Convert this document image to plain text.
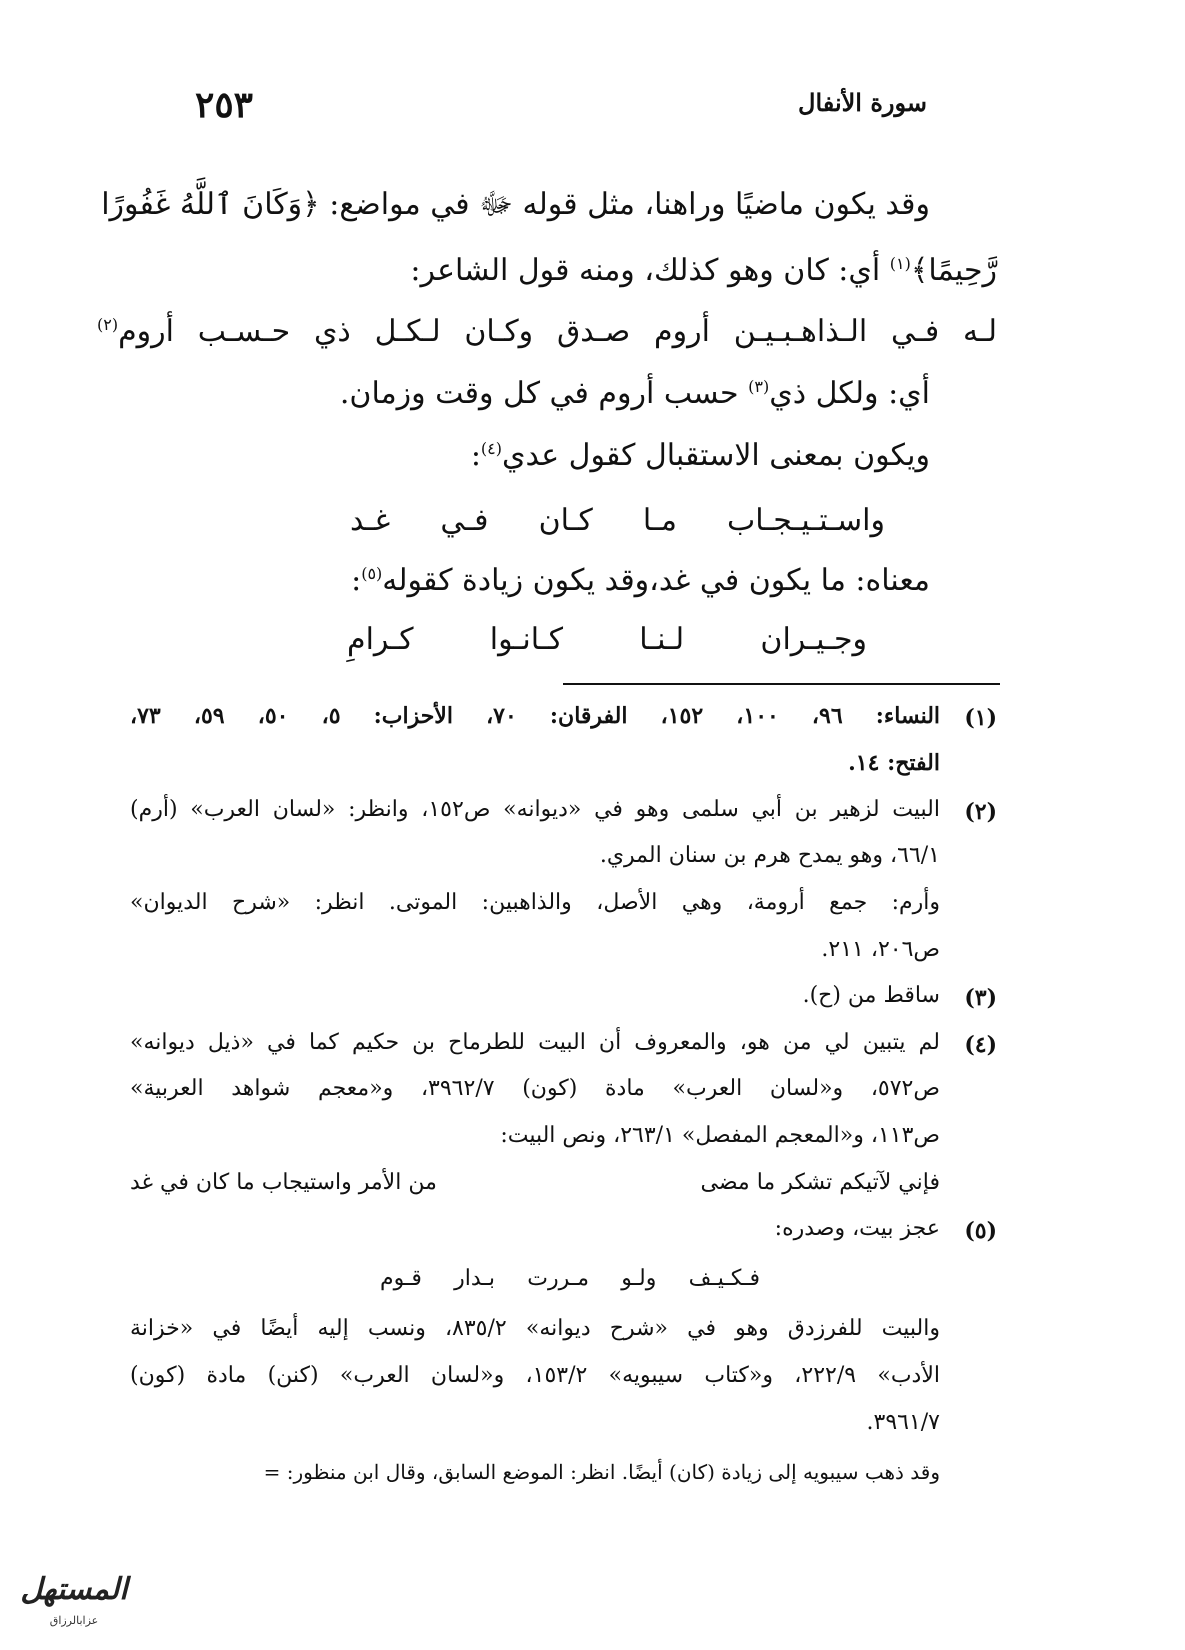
سورة الأنفال
٢٥٣
وقد يكون ماضيًا وراهنا، مثل قوله ﷻ في مواضع: ﴿وَكَانَ ٱللَّهُ غَفُورًا
رَّحِيمًا﴾$^{(١)}$ أي: كان وهو كذلك، ومنه قول الشاعر:
لـه فـي الـذاهـبـيـن أروم صـدق وكـان لـكـل ذي حـسـب أروم$^{(٢)}$
أي: ولكل ذي$^{(٣)}$ حسب أروم في كل وقت وزمان.
ويكون بمعنى الاستقبال كقول عدي$^{(٤)}$:
واسـتـيـجـاب مـا كـان فـي غـد
معناه: ما يكون في غد،وقد يكون زيادة كقوله$^{(٥)}$:
وجـيـران لـنـا كـانـوا كـرامِ
(١)
النساء: ٩٦، ١٠٠، ١٥٢، الفرقان: ٧٠، الأحزاب: ٥، ٥٠، ٥٩، ٧٣،
الفتح: ١٤.
(٢)
البيت لزهير بن أبي سلمى وهو في «ديوانه» ص١٥٢، وانظر: «لسان العرب» (أرم)
٦٦/١، وهو يمدح هرم بن سنان المري.
وأرم: جمع أرومة، وهي الأصل، والذاهبين: الموتى. انظر: «شرح الديوان»
ص٢٠٦، ٢١١.
(٣)
ساقط من (ح).
(٤)
لم يتبين لي من هو، والمعروف أن البيت للطرماح بن حكيم كما في «ذيل ديوانه»
ص٥٧٢، و«لسان العرب» مادة (كون) ٣٩٦٢/٧، و«معجم شواهد العربية»
ص١١٣، و«المعجم المفصل» ٢٦٣/١، ونص البيت:
فإني لآتيكم تشكر ما مضى
من الأمر واستيجاب ما كان في غد
(٥)
عجز بيت، وصدره:
فـكـيـف ولـو مـررت بـدار قـوم
والبيت للفرزدق وهو في «شرح ديوانه» ٨٣٥/٢، ونسب إليه أيضًا في «خزانة
الأدب» ٢٢٢/٩، و«كتاب سيبويه» ١٥٣/٢، و«لسان العرب» (كنن) مادة (كون)
٣٩٦١/٧.
وقد ذهب سيبويه إلى زيادة (كان) أيضًا. انظر: الموضع السابق، وقال ابن منظور: =
المستهل
عزابالرزاق
